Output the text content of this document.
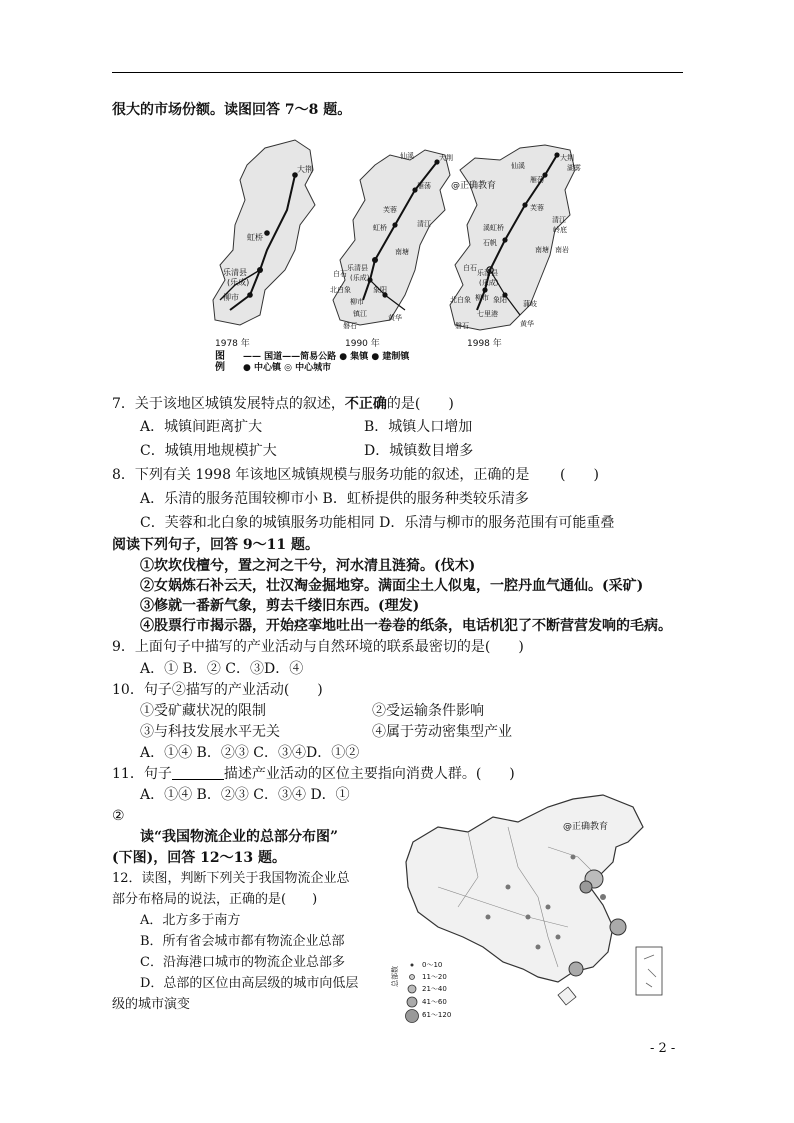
很大的市场份额。读图回答 7～8 题。
大荆
虹桥
乐清县
(乐成)
柳市
仙溪	大荆
雁荡
芙蓉
虹桥	清江
南塘
白石
乐清县
(乐成)
北白象	象阳
柳市
磐石
镇江	黄华
仙溪
大荆
湖雾
雁荡
芙蓉
清江
岭底
溪虹桥
南塘
石帆
南岩
白石
乐清县
(乐成)
北白象	象阳
柳市
七里港
磐石
蒲岐
黄华
@正确教育
1978 年	1990 年	1998 年
图
例
—— 国道——简易公路 ● 集镇 ● 建制镇
● 中心镇 ◎ 中心城市
7．关于该地区城镇发展特点的叙述，不正确的是(　　)
A．城镇间距离扩大	B．城镇人口增加
C．城镇用地规模扩大	D．城镇数目增多
8．下列有关 1998 年该地区城镇规模与服务功能的叙述，正确的是 (　　)
A．乐清的服务范围较柳市小 B．虹桥提供的服务种类较乐清多
C．芙蓉和北白象的城镇服务功能相同 D．乐清与柳市的服务范围有可能重叠
阅读下列句子，回答 9～11 题。
①坎坎伐檀兮，置之河之干兮，河水清且涟猗。(伐木)
②女娲炼石补云天，壮汉淘金掘地穿。满面尘土人似鬼，一腔丹血气通仙。(采矿)
③修就一番新气象，剪去千缕旧东西。(理发)
④股票行市揭示器，开始痉挛地吐出一卷卷的纸条，电话机犯了不断营营发响的毛病。
9．上面句子中描写的产业活动与自然环境的联系最密切的是(　　)
A．① B．② C．③D．④
10．句子②描写的产业活动(　　)
①受矿藏状况的限制	②受运输条件影响
③与科技发展水平无关	④属于劳动密集型产业
A．①④ B．②③ C．③④D．①②
11．句子	描述产业活动的区位主要指向消费人群。(　　)
A．①④ B．②③ C．③④ D．①
②
读“我国物流企业的总部分布图”
(下图)，回答 12～13 题。
12．读图，判断下列关于我国物流企业总
部分布格局的说法，正确的是(　　)
A．北方多于南方
B．所有省会城市都有物流企业总部
C．沿海港口城市的物流企业总部多
D．总部的区位由高层级的城市向低层
级的城市演变
@正确教育
总部数
0～10
11～20
21～40
41～60
61～120
- 2 -
